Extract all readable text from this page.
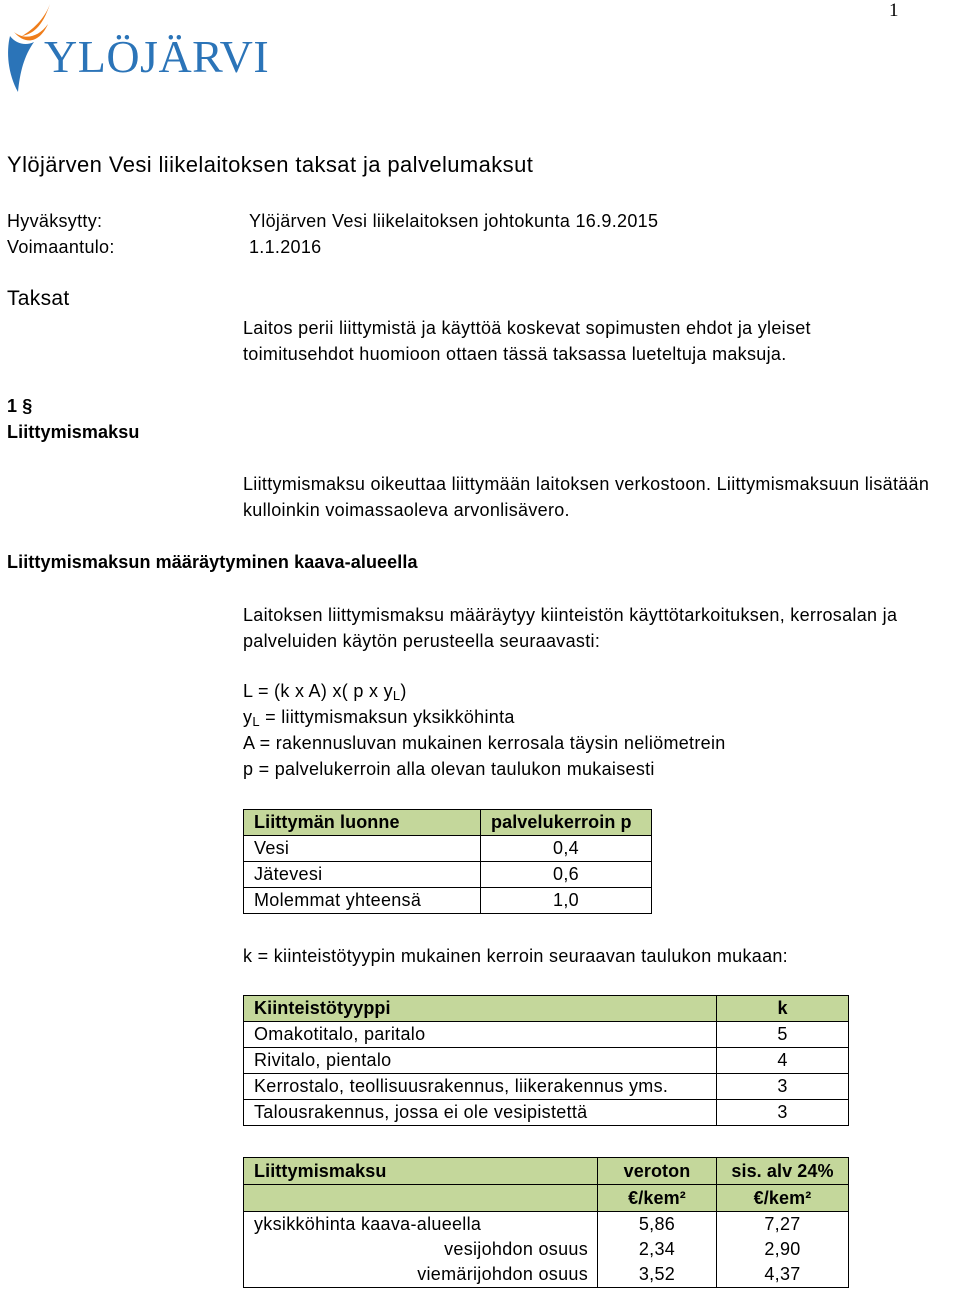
1
YLÖJÄRVI
Ylöjärven Vesi liikelaitoksen taksat ja palvelumaksut
Hyväksytty:	Ylöjärven Vesi liikelaitoksen johtokunta 16.9.2015
Voimaantulo:	1.1.2016
Taksat
Laitos perii liittymistä ja käyttöä koskevat sopimusten ehdot ja yleiset toimitusehdot huomioon ottaen tässä taksassa lueteltuja maksuja.
1 §
Liittymismaksu
Liittymismaksu oikeuttaa liittymään laitoksen verkostoon. Liittymismaksuun lisätään kulloinkin voimassaoleva arvonlisävero.
Liittymismaksun määräytyminen kaava-alueella
Laitoksen liittymismaksu määräytyy kiinteistön käyttötarkoituksen, kerrosalan ja palveluiden käytön perusteella seuraavasti:
L = (k x A) x( p x yL)
yL = liittymismaksun yksikköhinta
A = rakennusluvan mukainen kerrosala täysin neliömetrein
p = palvelukerroin alla olevan taulukon mukaisesti
Liittymän luonne	palvelukerroin p
Vesi	0,4
Jätevesi	0,6
Molemmat yhteensä	1,0
k = kiinteistötyypin mukainen kerroin seuraavan taulukon mukaan:
Kiinteistötyyppi	k
Omakotitalo, paritalo	5
Rivitalo, pientalo	4
Kerrostalo, teollisuusrakennus, liikerakennus yms.	3
Talousrakennus, jossa ei ole vesipistettä	3
Liittymismaksu	veroton	sis. alv 24%
	€/kem²	€/kem²
yksikköhinta kaava-alueella	5,86	7,27
vesijohdon osuus	2,34	2,90
viemärijohdon osuus	3,52	4,37
